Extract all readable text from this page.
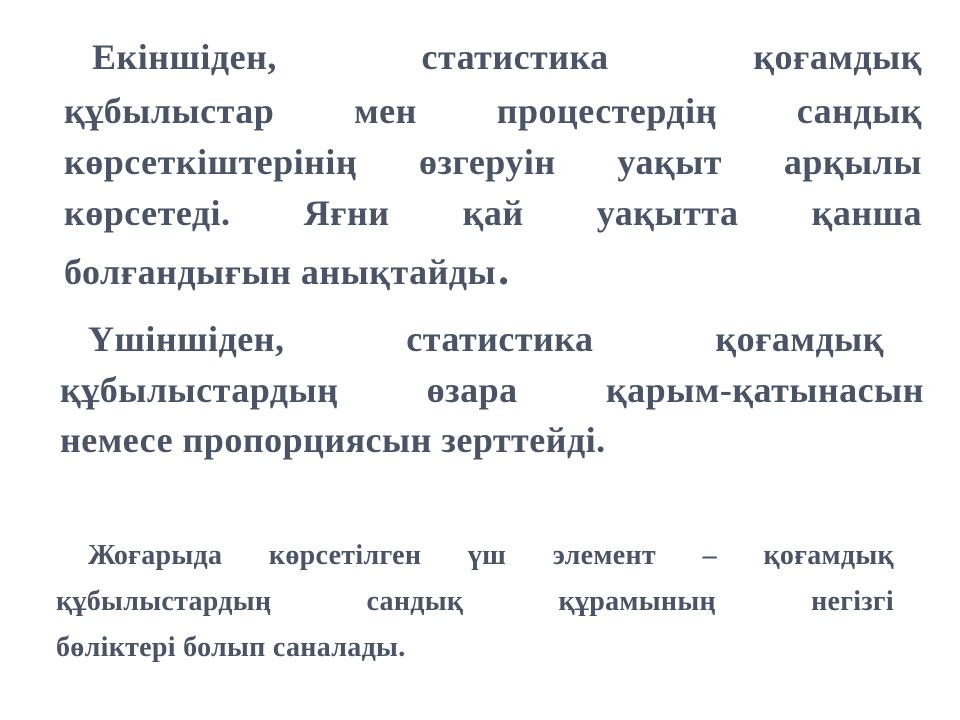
Екіншіден,	статистика	қоғамдық
құбылыстар мен процестердің сандық
көрсеткіштерінің өзгеруін уақыт арқылы
көрсетеді. Яғни қай уақытта қанша
болғандығын анықтайды .
Үшіншіден,	статистика	қоғамдық
құбылыстардың өзара қарым-қатынасын
немесе пропорциясын зерттейді.
Жоғарыда көрсетілген үш элемент – қоғамдық
құбылыстардың	сандық	құрамының	негізгі
бөліктері болып саналады.
